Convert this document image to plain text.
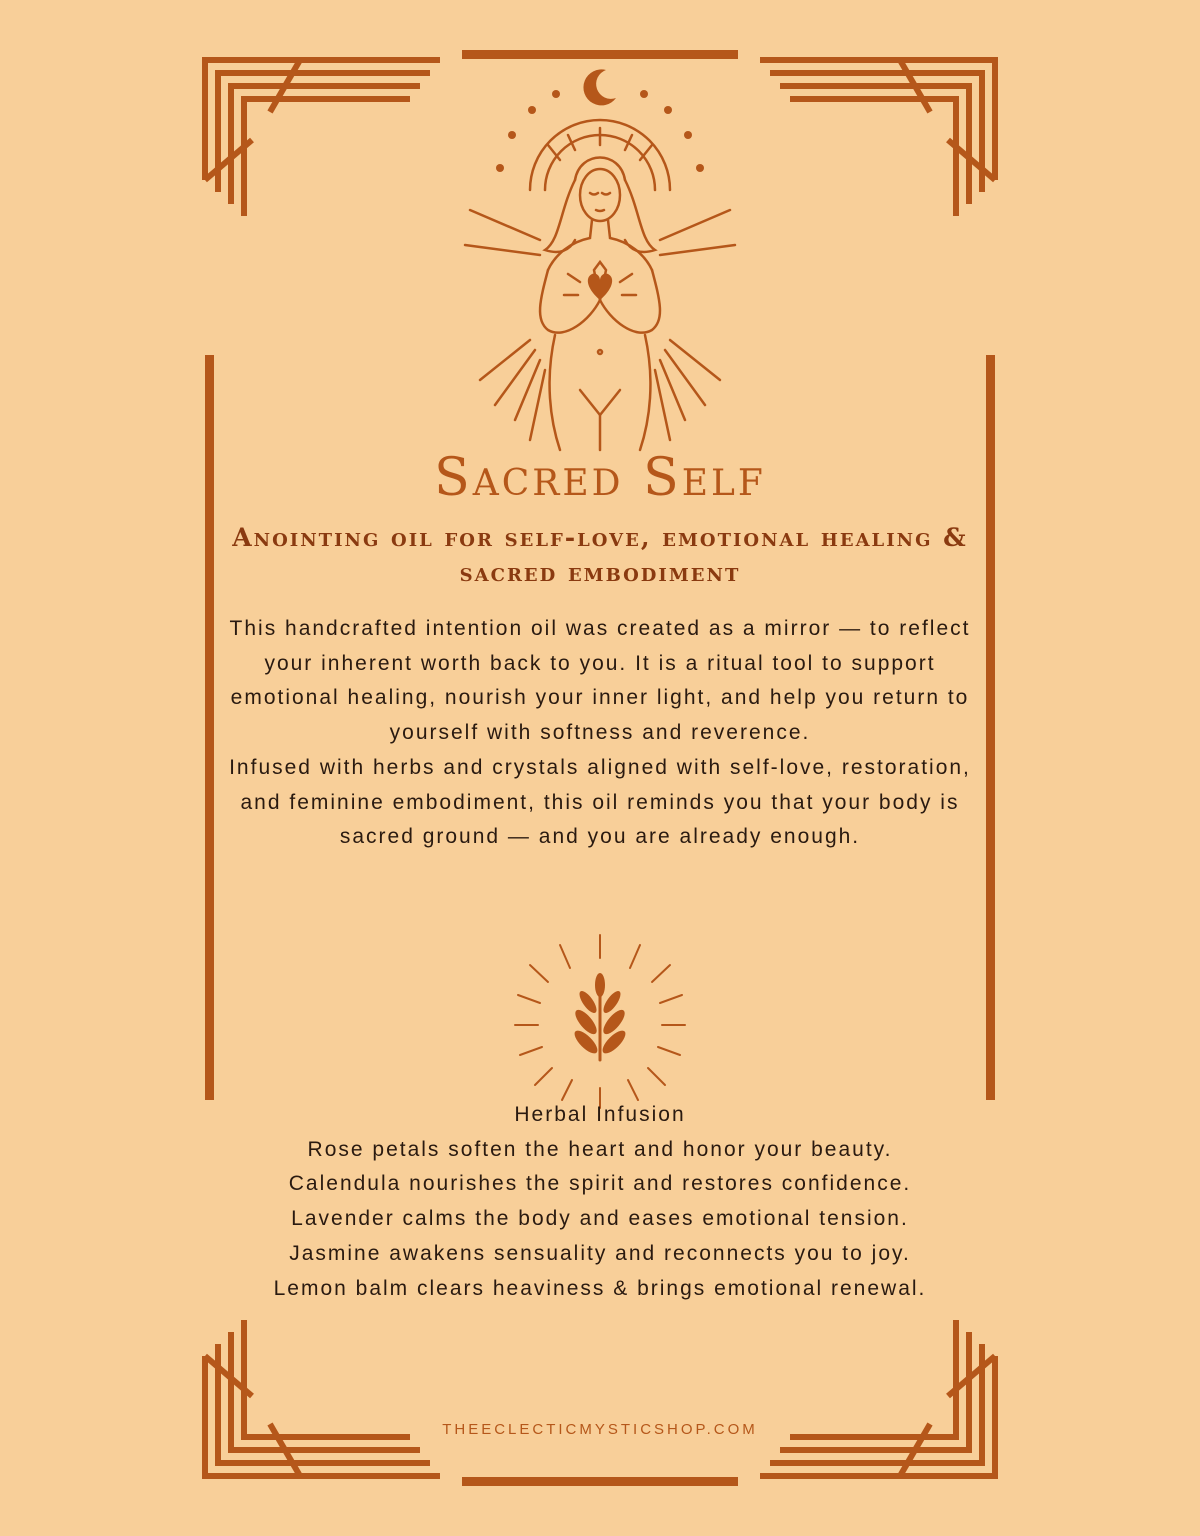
Sacred Self
Anointing oil for self-love, emotional healing & sacred embodiment

This handcrafted intention oil was created as a mirror — to reflect your inherent worth back to you. It is a ritual tool to support emotional healing, nourish your inner light, and help you return to yourself with softness and reverence.

Infused with herbs and crystals aligned with self-love, restoration, and feminine embodiment, this oil reminds you that your body is sacred ground — and you are already enough.

Herbal Infusion
Rose petals soften the heart and honor your beauty.
Calendula nourishes the spirit and restores confidence.
Lavender calms the body and eases emotional tension.
Jasmine awakens sensuality and reconnects you to joy.
Lemon balm clears heaviness & brings emotional renewal.
THEECLECTICMYSTICSHOP.COM
